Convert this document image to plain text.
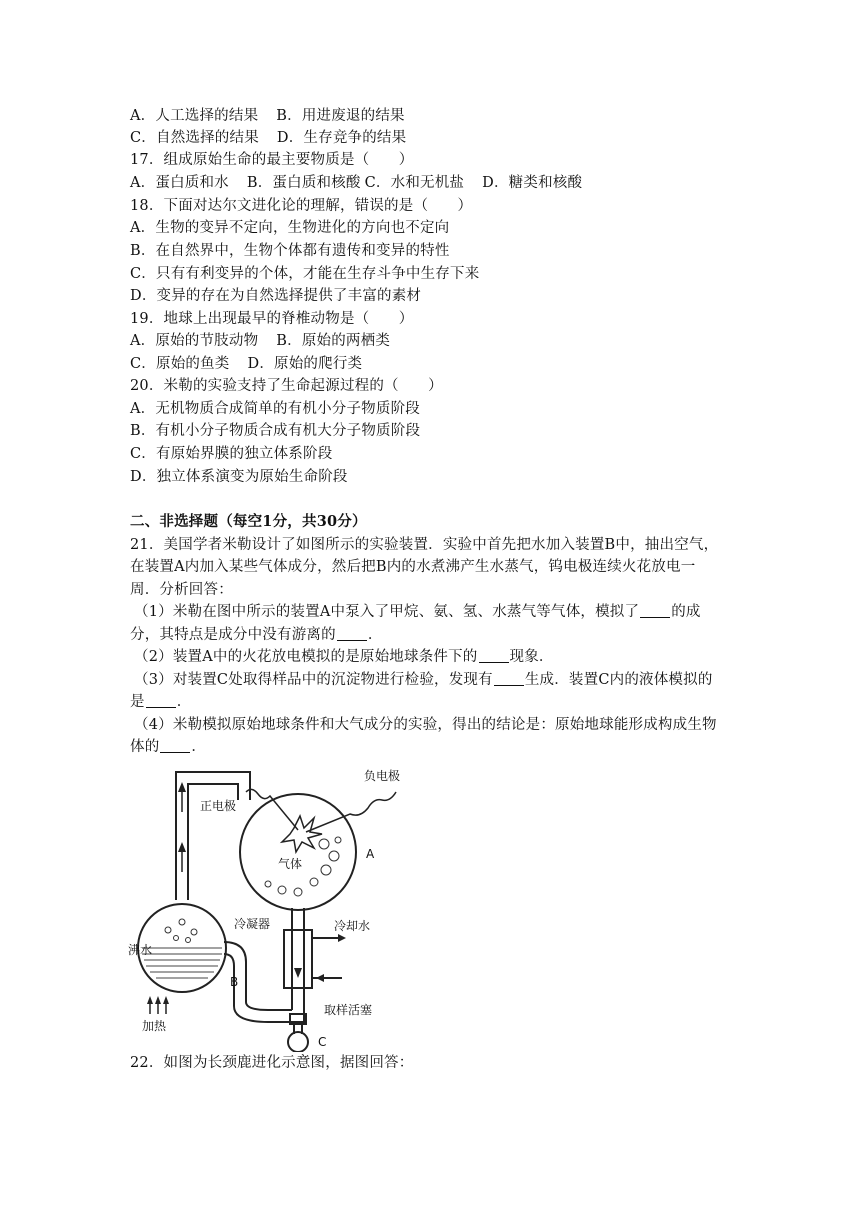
A．人工选择的结果 B．用进废退的结果
C．自然选择的结果 D．生存竞争的结果
17．组成原始生命的最主要物质是（　　）
A．蛋白质和水 B．蛋白质和核酸 C．水和无机盐 D．糖类和核酸
18．下面对达尔文进化论的理解，错误的是（　　）
A．生物的变异不定向，生物进化的方向也不定向
B．在自然界中，生物个体都有遗传和变异的特性
C．只有有利变异的个体，才能在生存斗争中生存下来
D．变异的存在为自然选择提供了丰富的素材
19．地球上出现最早的脊椎动物是（　　）
A．原始的节肢动物 B．原始的两栖类
C．原始的鱼类 D．原始的爬行类
20．米勒的实验支持了生命起源过程的（　　）
A．无机物质合成简单的有机小分子物质阶段
B．有机小分子物质合成有机大分子物质阶段
C．有原始界膜的独立体系阶段
D．独立体系演变为原始生命阶段
二、非选择题（每空1分，共30分）
21．美国学者米勒设计了如图所示的实验装置．实验中首先把水加入装置B中，抽出空气，
在装置A内加入某些气体成分，然后把B内的水煮沸产生水蒸气，钨电极连续火花放电一
周．分析回答：
（1）米勒在图中所示的装置A中泵入了甲烷、氨、氢、水蒸气等气体，模拟了 的成
分，其特点是成分中没有游离的 ．
（2）装置A中的火花放电模拟的是原始地球条件下的 现象．
（3）对装置C处取得样品中的沉淀物进行检验，发现有 生成．装置C内的液体模拟的
是 ．
（4）米勒模拟原始地球条件和大气成分的实验，得出的结论是：原始地球能形成构成生物
体的 ．
负电极
正电极
气体
A
冷凝器	冷却水
沸水
B
加热
取样活塞
C
22．如图为长颈鹿进化示意图，据图回答：
